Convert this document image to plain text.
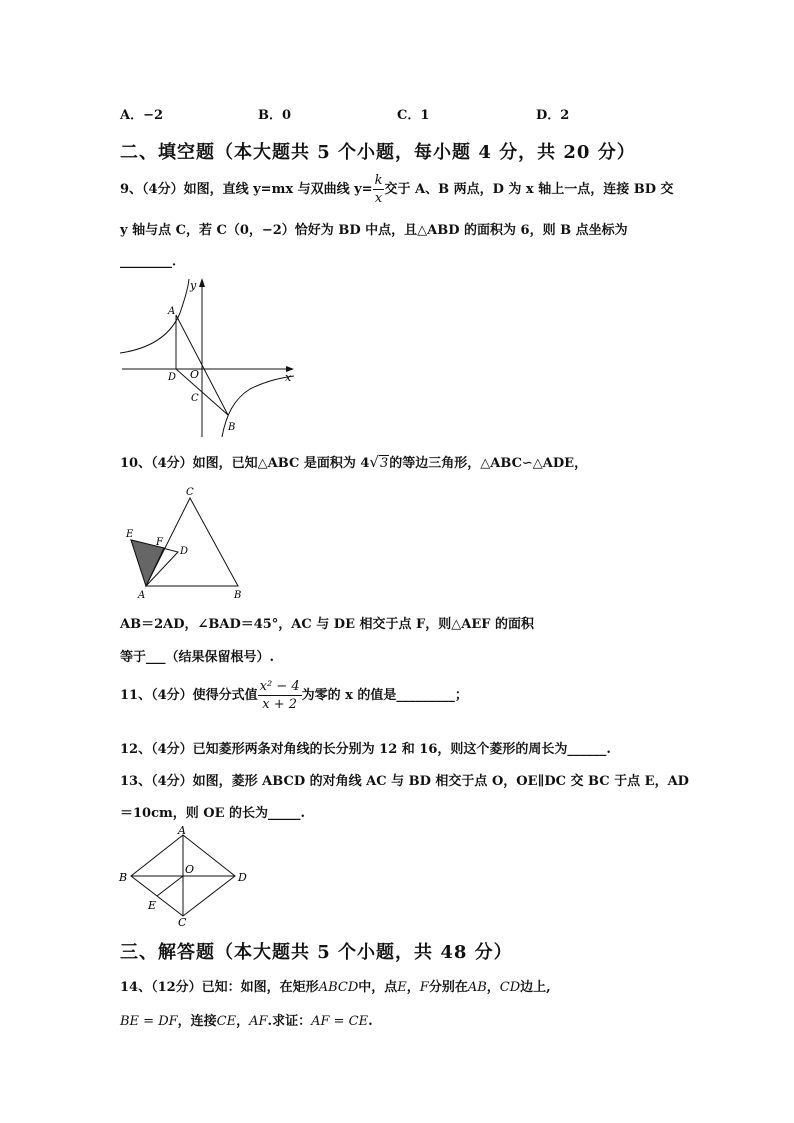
A．−2	B．0	C．1	D．2
二、填空题（本大题共 5 个小题，每小题 4 分，共 20 分）
9、（4分）如图，直线 y=mx 与双曲线 $y= \frac{k}{x}$ 交于 A、B 两点，D 为 x 轴上一点，连接 BD 交
y 轴与点 C，若 C（0，−2）恰好为 BD 中点，且△ABD 的面积为 6，则 B 点坐标为
________．
y
x
O
A
B
C
D
10、（4分）如图，已知△ABC 是面积为 4√3的等边三角形，△ABC∽△ADE，
C
E
F
D
A	B
AB＝2AD，∠BAD＝45°，AC 与 DE 相交于点 F，则△AEF 的面积
等于___（结果保留根号）.
11、（4分）使得分式值 $\frac{\text{x² − 4}}{x + 2}$ 为零的 x 的值是_________；
12、（4分）已知菱形两条对角线的长分别为 12 和 16，则这个菱形的周长为______.
13、（4分）如图，菱形 ABCD 的对角线 AC 与 BD 相交于点 O，OE∥DC 交 BC 于点 E，AD
＝10cm，则 OE 的长为_____.
A
B
C
D
O
E
三、解答题（本大题共 5 个小题，共 48 分）
14、（12分）已知：如图，在矩形ABCD中，点E，F分别在AB，CD边上,
BE = DF，连接CE，AF.求证：AF = CE.
